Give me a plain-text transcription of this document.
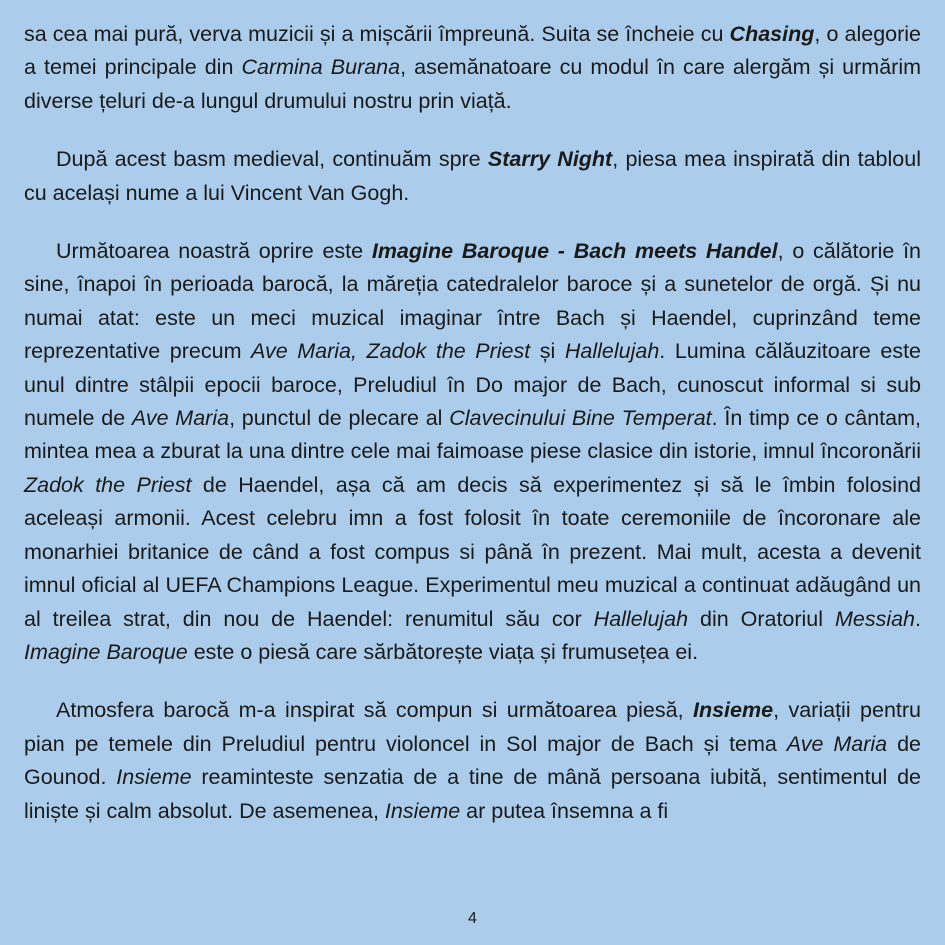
sa cea mai pură, verva muzicii și a mișcării împreună. Suita se încheie cu Chasing, o alegorie a temei principale din Carmina Burana, asemănatoare cu modul în care alergăm și urmărim diverse țeluri de-a lungul drumului nostru prin viață.

După acest basm medieval, continuăm spre Starry Night, piesa mea inspirată din tabloul cu același nume a lui Vincent Van Gogh.

Următoarea noastră oprire este Imagine Baroque - Bach meets Handel, o călătorie în sine, înapoi în perioada barocă, la măreția catedralelor baroce și a sunetelor de orgă. Și nu numai atat: este un meci muzical imaginar între Bach și Haendel, cuprinzând teme reprezentative precum Ave Maria, Zadok the Priest și Hallelujah. Lumina călăuzitoare este unul dintre stâlpii epocii baroce, Preludiul în Do major de Bach, cunoscut informal si sub numele de Ave Maria, punctul de plecare al Clavecinului Bine Temperat. În timp ce o cântam, mintea mea a zburat la una dintre cele mai faimoase piese clasice din istorie, imnul încoronării Zadok the Priest de Haendel, așa că am decis să experimentez și să le îmbin folosind aceleași armonii. Acest celebru imn a fost folosit în toate ceremoniile de încoronare ale monarhiei britanice de când a fost compus si până în prezent. Mai mult, acesta a devenit imnul oficial al UEFA Champions League. Experimentul meu muzical a continuat adăugând un al treilea strat, din nou de Haendel: renumitul său cor Hallelujah din Oratoriul Messiah. Imagine Baroque este o piesă care sărbătorește viața și frumusețea ei.

Atmosfera barocă m-a inspirat să compun si următoarea piesă, Insieme, variații pentru pian pe temele din Preludiul pentru violoncel in Sol major de Bach și tema Ave Maria de Gounod. Insieme reaminteste senzatia de a tine de mână persoana iubită, sentimentul de liniște și calm absolut. De asemenea, Insieme ar putea însemna a fi

4
